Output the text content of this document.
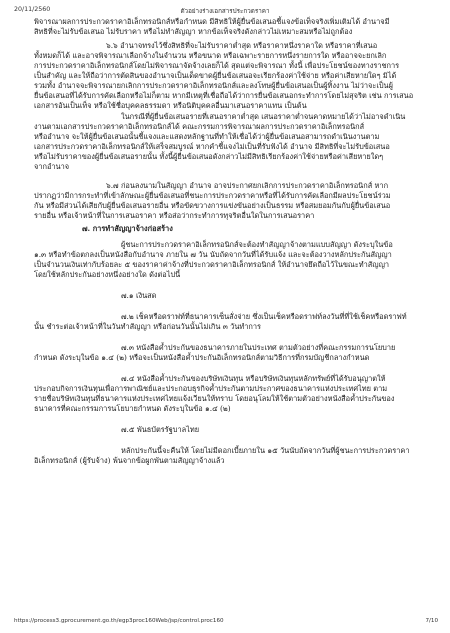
20/11/2560	ตัวอย่างร่างเอกสารประกวดราคา

พิจารณาผลการประกวดราคาอิเล็กทรอนิกส์หรือกำหนด มีสิทธิให้ผู้ยื่นข้อเสนอชี้แจงข้อเท็จจริงเพิ่มเติมได้ อำนาจมี

สิทธิที่จะไม่รับข้อเสนอ ไม่รับราคา หรือไม่ทำสัญญา หากข้อเท็จจริงดังกล่าวไม่เหมาะสมหรือไม่ถูกต้อง

๖.๖ อำนาจทรงไว้ซึ่งสิทธิที่จะไม่รับราคาต่ำสุด หรือราคาหนึ่งราคาใด หรือราคาที่เสนอ

ทั้งหมดก็ได้ และอาจพิจารณาเลือกจ้างในจำนวน หรือขนาด หรือเฉพาะรายการหนึ่งรายการใด หรืออาจจะยกเลิก

การประกวดราคาอิเล็กทรอนิกส์โดยไม่พิจารณาจัดจ้างเลยก็ได้ สุดแต่จะพิจารณา ทั้งนี้ เพื่อประโยชน์ของทางราชการ

เป็นสำคัญ และให้ถือว่าการตัดสินของอำนาจเป็นเด็ดขาดผู้ยื่นข้อเสนอจะเรียกร้องค่าใช้จ่าย หรือค่าเสียหายใดๆ มิได้

รวมทั้ง อำนาจจะพิจารณายกเลิกการประกวดราคาอิเล็กทรอนิกส์และลงโทษผู้ยื่นข้อเสนอเป็นผู้ทิ้งงาน ไม่ว่าจะเป็นผู้

ยื่นข้อเสนอที่ได้รับการคัดเลือกหรือไม่ก็ตาม หากมีเหตุที่เชื่อถือได้ว่าการยื่นข้อเสนอกระทำการโดยไม่สุจริต เช่น การเสนอ

เอกสารอันเป็นเท็จ หรือใช้ชื่อบุคคลธรรมดา หรือนิติบุคคลอื่นมาเสนอราคาแทน เป็นต้น

ในกรณีที่ผู้ยื่นข้อเสนอรายที่เสนอราคาต่ำสุด เสนอราคาต่ำจนคาดหมายได้ว่าไม่อาจดำเนิน

งานตามเอกสารประกวดราคาอิเล็กทรอนิกส์ได้ คณะกรรมการพิจารณาผลการประกวดราคาอิเล็กทรอนิกส์

หรืออำนาจ จะให้ผู้ยื่นข้อเสนอนั้นชี้แจงและแสดงหลักฐานที่ทำให้เชื่อได้ว่าผู้ยื่นข้อเสนอสามารถดำเนินงานตาม

เอกสารประกวดราคาอิเล็กทรอนิกส์ให้เสร็จสมบูรณ์ หากคำชี้แจงไม่เป็นที่รับฟังได้ อำนาจ มีสิทธิที่จะไม่รับข้อเสนอ

หรือไม่รับราคาของผู้ยื่นข้อเสนอรายนั้น ทั้งนี้ผู้ยื่นข้อเสนอดังกล่าวไม่มีสิทธิเรียกร้องค่าใช้จ่ายหรือค่าเสียหายใดๆ

จากอำนาจ

๖.๗ ก่อนลงนามในสัญญา อำนาจ อาจประกาศยกเลิกการประกวดราคาอิเล็กทรอนิกส์ หาก

ปรากฏว่ามีการกระทำที่เข้าลักษณะผู้ยื่นข้อเสนอที่ชนะการประกวดราคาหรือที่ได้รับการคัดเลือกมีผลประโยชน์ร่วม

กัน หรือมีส่วนได้เสียกับผู้ยื่นข้อเสนอรายอื่น หรือขัดขวางการแข่งขันอย่างเป็นธรรม หรือสมยอมกันกับผู้ยื่นข้อเสนอ

รายอื่น หรือเจ้าหน้าที่ในการเสนอราคา หรือส่อว่ากระทำการทุจริตอื่นใดในการเสนอราคา

๗. การทำสัญญาจ้างก่อสร้าง

ผู้ชนะการประกวดราคาอิเล็กทรอนิกส์จะต้องทำสัญญาจ้างตามแบบสัญญา ดังระบุในข้อ

๑.๓ หรือทำข้อตกลงเป็นหนังสือกับอำนาจ ภายใน ๗ วัน นับถัดจากวันที่ได้รับแจ้ง และจะต้องวางหลักประกันสัญญา

เป็นจำนวนเงินเท่ากับร้อยละ ๕ ของราคาค่าจ้างที่ประกวดราคาอิเล็กทรอนิกส์ ให้อำนาจยึดถือไว้ในขณะทำสัญญา

โดยใช้หลักประกันอย่างหนึ่งอย่างใด ดังต่อไปนี้

๗.๑ เงินสด

๗.๒ เช็คหรือดราฟท์ที่ธนาคารเซ็นสั่งจ่าย ซึ่งเป็นเช็คหรือดราฟท์ลงวันที่ที่ใช้เช็คหรือดราฟท์

นั้น ชำระต่อเจ้าหน้าที่ในวันทำสัญญา หรือก่อนวันนั้นไม่เกิน ๓ วันทำการ

๗.๓ หนังสือค้ำประกันของธนาคารภายในประเทศ ตามตัวอย่างที่คณะกรรมการนโยบาย

กำหนด ดังระบุในข้อ ๑.๔ (๒) หรือจะเป็นหนังสือค้ำประกันอิเล็กทรอนิกส์ตามวิธีการที่กรมบัญชีกลางกำหนด

๗.๔ หนังสือค้ำประกันของบริษัทเงินทุน หรือบริษัทเงินทุนหลักทรัพย์ที่ได้รับอนุญาตให้

ประกอบกิจการเงินทุนเพื่อการพาณิชย์และประกอบธุรกิจค้ำประกันตามประกาศของธนาคารแห่งประเทศไทย ตาม

รายชื่อบริษัทเงินทุนที่ธนาคารแห่งประเทศไทยแจ้งเวียนให้ทราบ โดยอนุโลมให้ใช้ตามตัวอย่างหนังสือค้ำประกันของ

ธนาคารที่คณะกรรมการนโยบายกำหนด ดังระบุในข้อ ๑.๔ (๒)

๗.๕ พันธบัตรรัฐบาลไทย

หลักประกันนี้จะคืนให้ โดยไม่มีดอกเบี้ยภายใน ๑๕ วันนับถัดจากวันที่ผู้ชนะการประกวดราคา

อิเล็กทรอนิกส์ (ผู้รับจ้าง) พ้นจากข้อผูกพันตามสัญญาจ้างแล้ว

https://process3.gprocurement.go.th/egp3proc160Web/jsp/control.proc160	7/10
